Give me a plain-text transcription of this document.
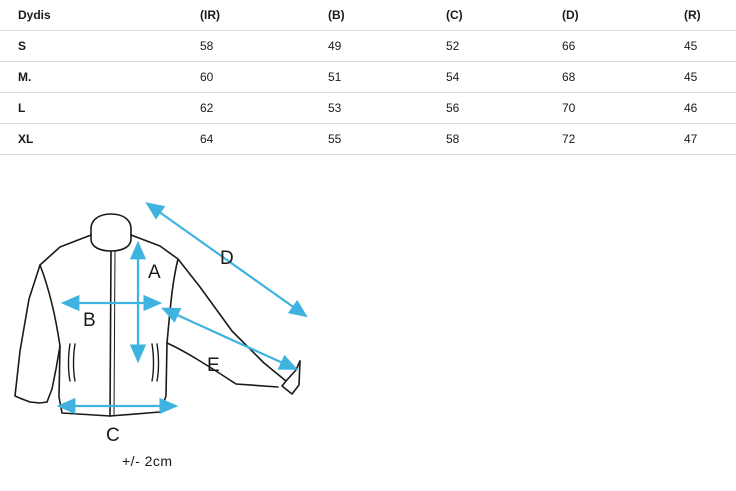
Dydis	(IR)	(B)	(C)	(D)	(R)
S	58	49	52	66	45
M.	60	51	54	68	45
L	62	53	56	70	46
XL	64	55	58	72	47
A
B
C
D
E
+/- 2cm
